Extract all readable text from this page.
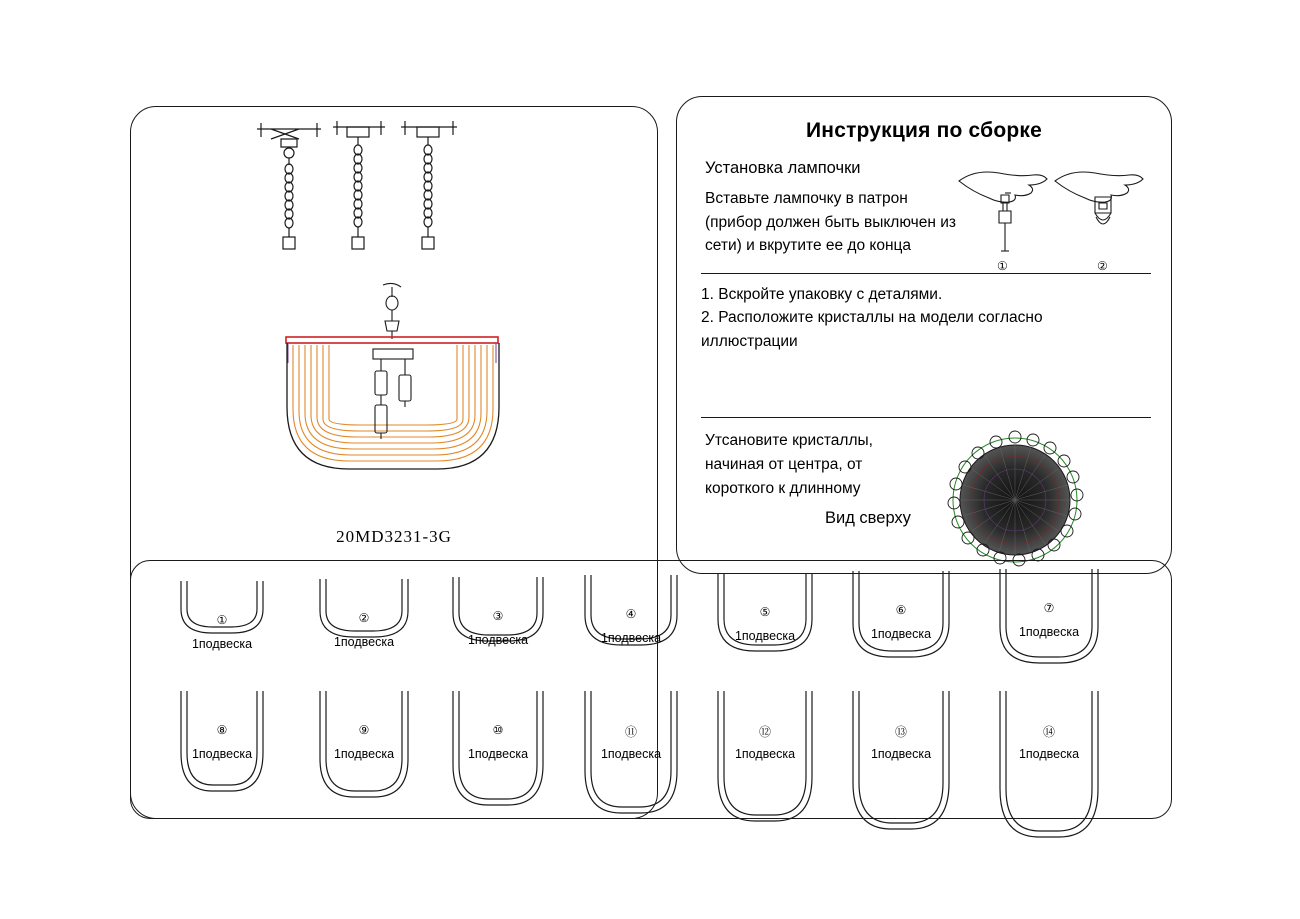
20MD3231-3G
Инструкция по сборке
Установка лампочки
Вставьте лампочку в патрон (прибор должен быть выключен из сети) и вкрутите ее до конца
①	②
1. Вскройте упаковку с деталями.
2. Расположите кристаллы на модели согласно
иллюстрации
Утсановите кристаллы, начиная от центра, от короткого к длинному
Вид сверху
①
1подвеска
②
1подвеска
③
1подвеска
④
1подвеска
⑤
1подвеска
⑥
1подвеска
⑦
1подвеска
⑧
1подвеска
⑨
1подвеска
⑩
1подвеска
⑪
1подвеска
⑫
1подвеска
⑬
1подвеска
⑭
1подвеска
